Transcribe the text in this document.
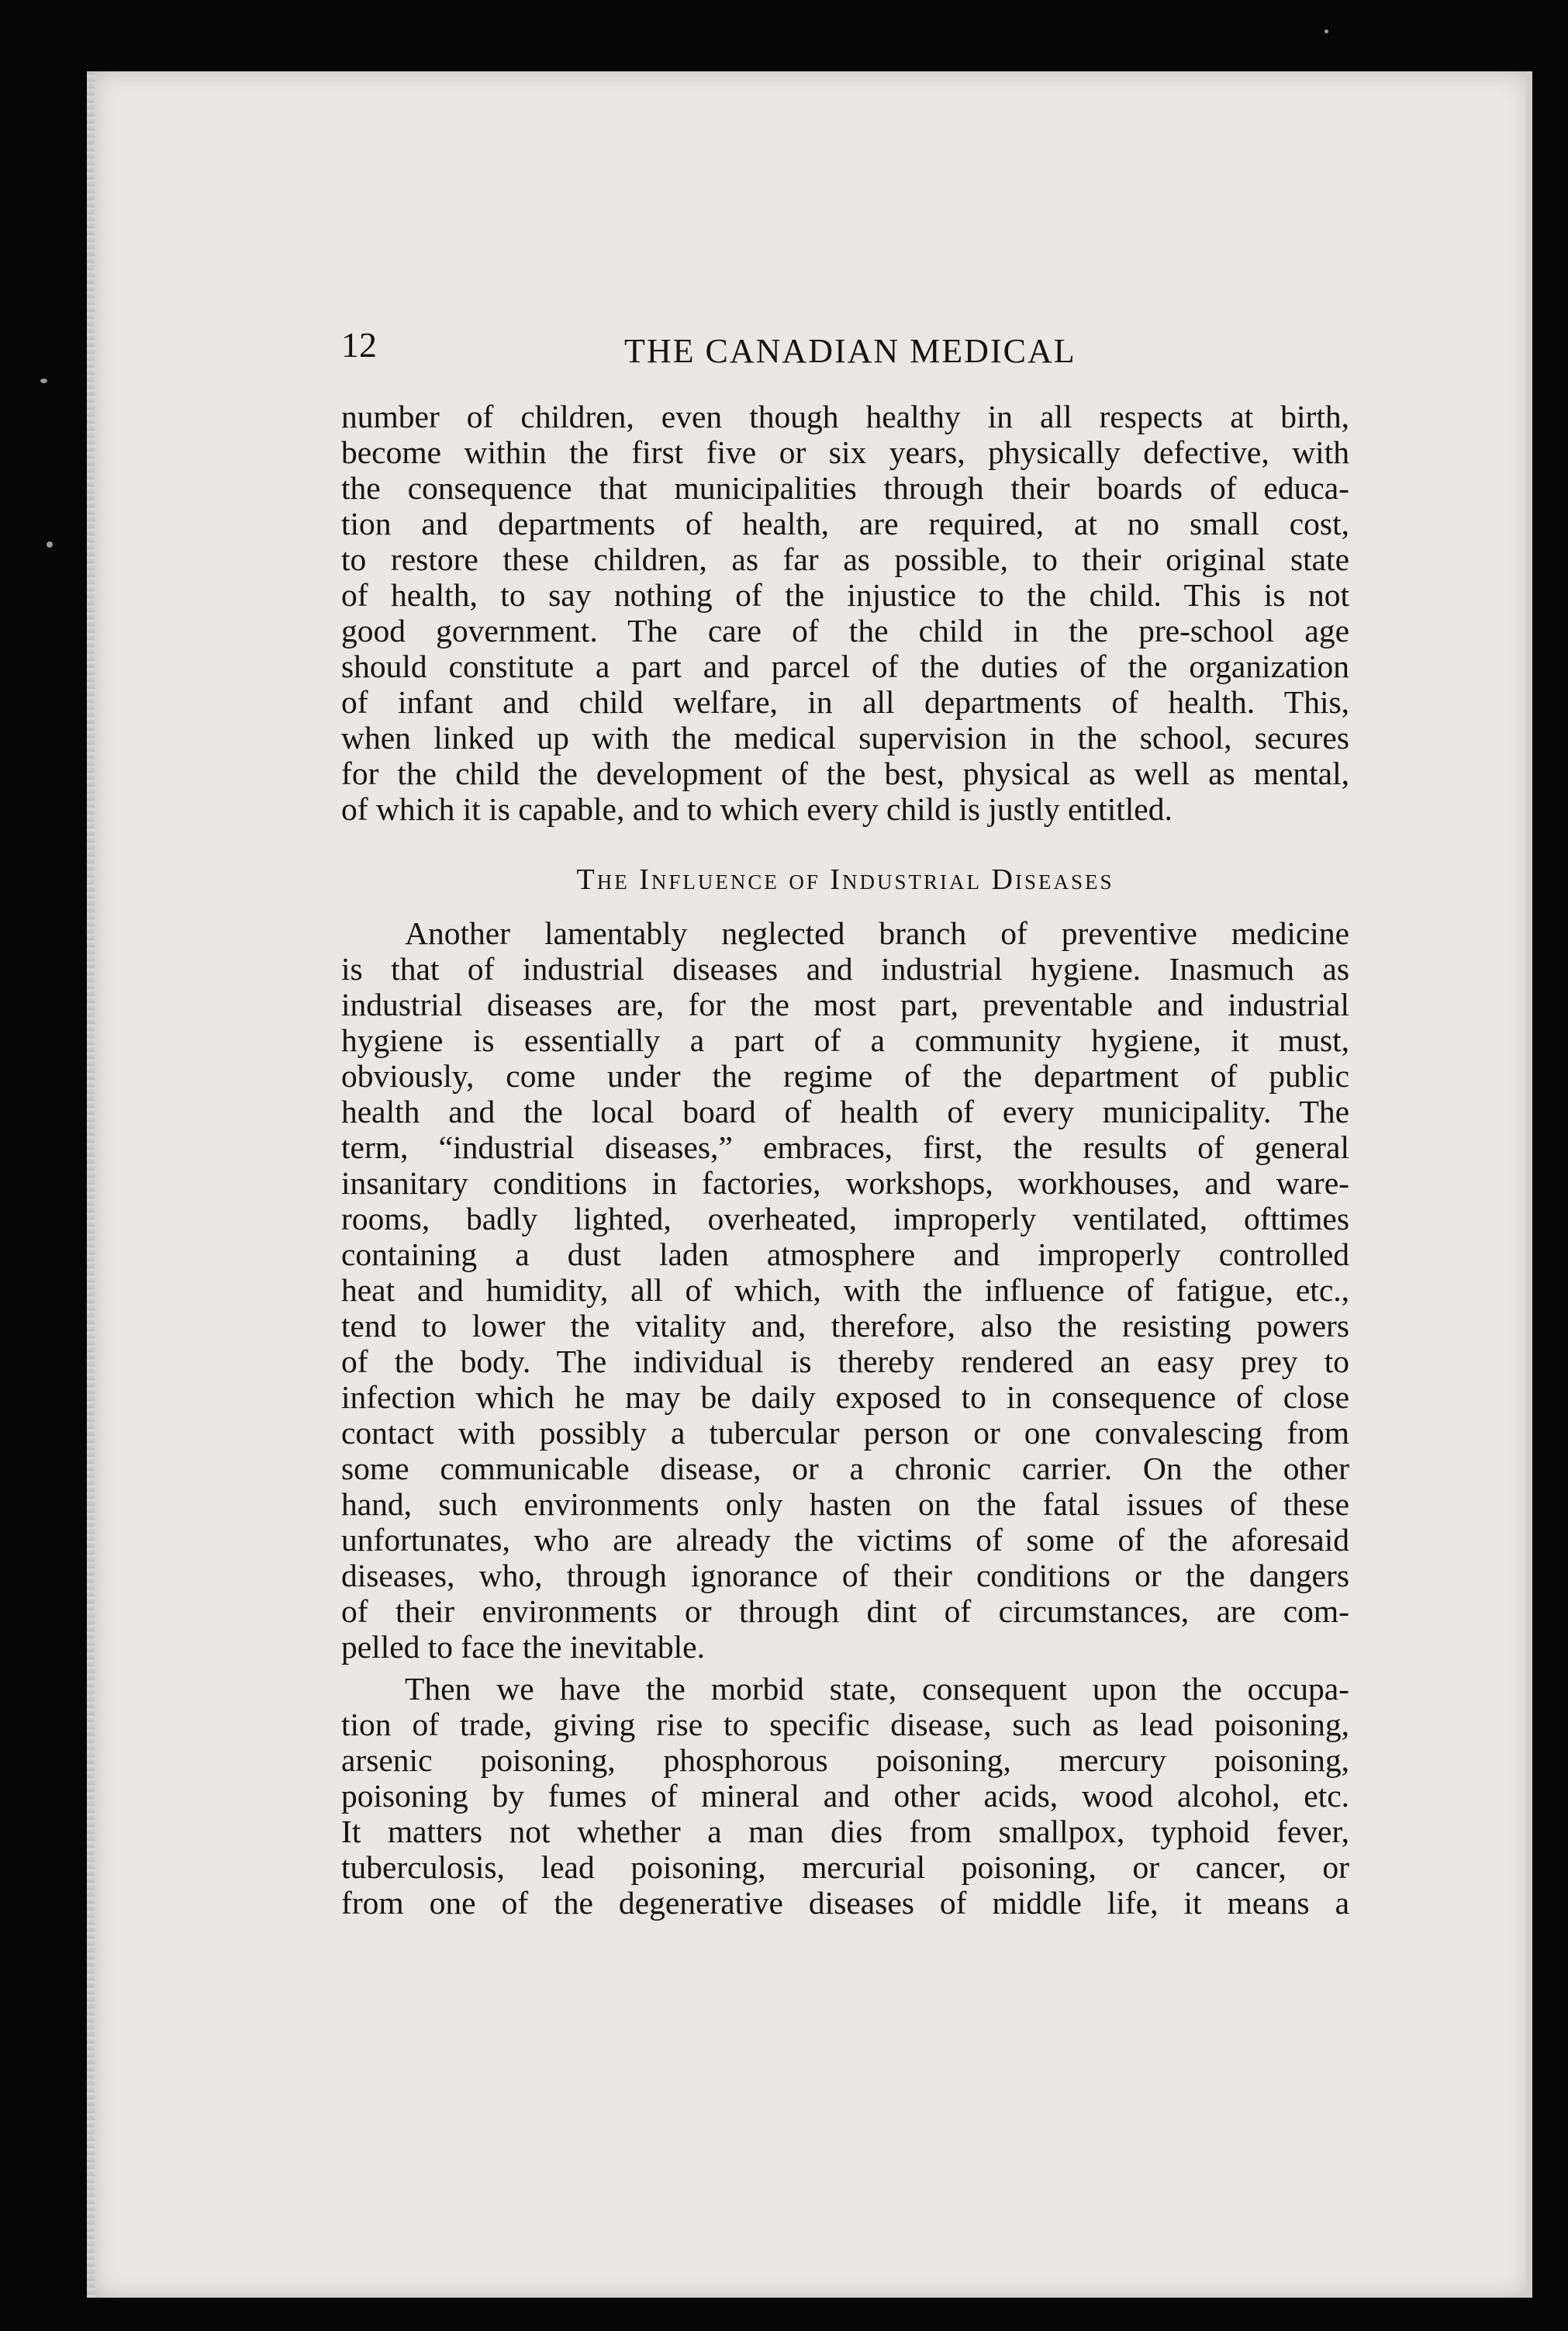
12	THE CANADIAN MEDICAL

number of children, even though healthy in all respects at birth,
become within the first five or six years, physically defective, with
the consequence that municipalities through their boards of educa-
tion and departments of health, are required, at no small cost,
to restore these children, as far as possible, to their original state
of health, to say nothing of the injustice to the child. This is not
good government. The care of the child in the pre-school age
should constitute a part and parcel of the duties of the organization
of infant and child welfare, in all departments of health. This,
when linked up with the medical supervision in the school, secures
for the child the development of the best, physical as well as mental,
of which it is capable, and to which every child is justly entitled.

The Influence of Industrial Diseases

Another lamentably neglected branch of preventive medicine
is that of industrial diseases and industrial hygiene. Inasmuch as
industrial diseases are, for the most part, preventable and industrial
hygiene is essentially a part of a community hygiene, it must,
obviously, come under the regime of the department of public
health and the local board of health of every municipality. The
term, “industrial diseases,” embraces, first, the results of general
insanitary conditions in factories, workshops, workhouses, and ware-
rooms, badly lighted, overheated, improperly ventilated, ofttimes
containing a dust laden atmosphere and improperly controlled
heat and humidity, all of which, with the influence of fatigue, etc.,
tend to lower the vitality and, therefore, also the resisting powers
of the body. The individual is thereby rendered an easy prey to
infection which he may be daily exposed to in consequence of close
contact with possibly a tubercular person or one convalescing from
some communicable disease, or a chronic carrier. On the other
hand, such environments only hasten on the fatal issues of these
unfortunates, who are already the victims of some of the aforesaid
diseases, who, through ignorance of their conditions or the dangers
of their environments or through dint of circumstances, are com-
pelled to face the inevitable.

Then we have the morbid state, consequent upon the occupa-
tion of trade, giving rise to specific disease, such as lead poisoning,
arsenic poisoning, phosphorous poisoning, mercury poisoning,
poisoning by fumes of mineral and other acids, wood alcohol, etc.
It matters not whether a man dies from smallpox, typhoid fever,
tuberculosis, lead poisoning, mercurial poisoning, or cancer, or
from one of the degenerative diseases of middle life, it means a
